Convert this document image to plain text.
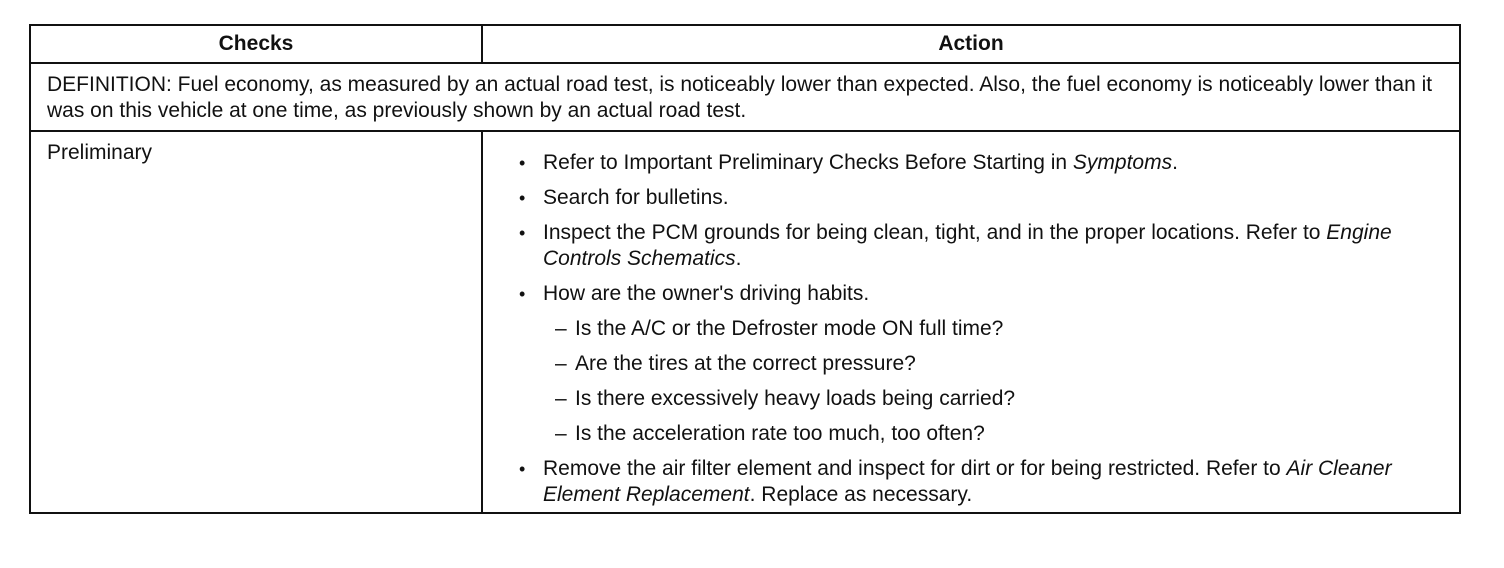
Checks	Action
DEFINITION: Fuel economy, as measured by an actual road test, is noticeably lower than expected. Also, the fuel economy is noticeably lower than it was on this vehicle at one time, as previously shown by an actual road test.
Preliminary
•	Refer to Important Preliminary Checks Before Starting in Symptoms.
• Search for bulletins.
• Inspect the PCM grounds for being clean, tight, and in the proper locations. Refer to Engine Controls Schematics.
• How are the owner's driving habits.
– Is the A/C or the Defroster mode ON full time?
– Are the tires at the correct pressure?
– Is there excessively heavy loads being carried?
– Is the acceleration rate too much, too often?
• Remove the air filter element and inspect for dirt or for being restricted. Refer to Air Cleaner Element Replacement. Replace as necessary.
